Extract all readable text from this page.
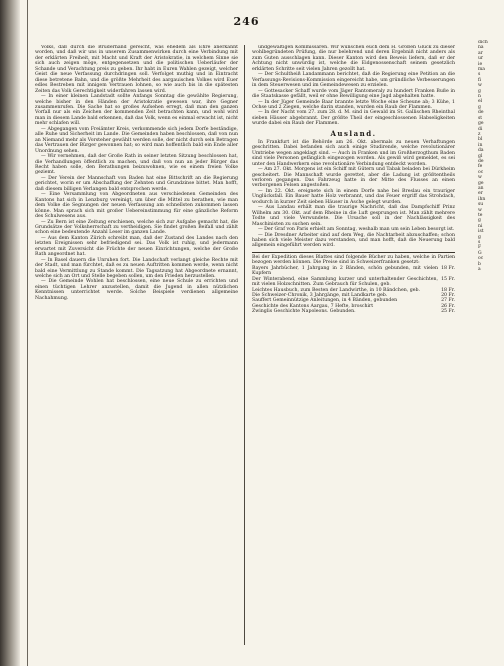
246

Volks, daß durch die Bruderhand gereicht, was ehedem als Ehre anerkannt worden, und daß wir uns in unserem Zusammenwirken durch eine Verbindung mit der erklärten Freiheit, mit Macht und Kraft der Aristokratie, in welchem Sinne sie sich auch zeigen möge, entgegensetzen und die politischen Ueberläufer der Schande und Verachtung preis zu geben. Ihr habt in Euren Wahlen gezeigt, welcher Geist die neue Verfassung durchdringen soll. Verfolget muthig und in Eintracht diese betretene Bahn, und die größte Mehrheit des aargauischen Volkes wird Euer edles Bestreben mit innigem Vertrauen lohnen, so wie auch bis in die spätesten Zeiten das Volk Gerechtigkeit widerfahren lassen wird.

— In einer kleinen Landstadt sollte Anfangs Sonntag die gewählte Regierung, welche bisher in den Händen der Aristokratie gewesen war, ihre Gegner zusammenrufen. Die Sache hat so großes Aufsehen erregt, daß man den ganzen Vorfall nur als ein Zeichen der kommenden Zeit betrachten kann, und wohl wird man in diesem Lande bald erkennen, daß das Volk, wenn es einmal erwacht ist, nicht mehr schlafen will.

— Abgegangen vom Freiämter Kreis, verkommende sich jedem Dorfe beständige, alle Ruhe und Sicherheit im Lande. Die Gemeinden haben beschlossen, daß von nun an Niemand mehr als Vorsteher gewählt werden solle, der nicht durch sein Betragen das Vertrauen der Bürger gewonnen hat; so wird man hoffentlich bald ein Ende aller Unordnung sehen.

— Wir vernehmen, daß der Große Rath in seiner letzten Sitzung beschlossen hat, die Verhandlungen öffentlich zu machen, und daß von nun an jeder Bürger das Recht haben solle, den Berathungen beizuwohnen, wie es einem freien Volke geziemt.

— Der Verein der Mannschaft von Baden hat eine Bittschrift an die Regierung gerichtet, worin er um Abschaffung der Zehnten und Grundzinse bittet. Man hofft, daß diesem billigen Verlangen bald entsprochen werde.

— Eine Versammlung von Abgeordneten aus verschiedenen Gemeinden des Kantons hat sich in Lenzburg vereinigt, um über die Mittel zu berathen, wie man dem Volke die Segnungen der neuen Verfassung am schnellsten zukommen lassen könne. Man sprach sich mit großer Uebereinstimmung für eine gänzliche Reform des Schulwesens aus.

— Zu Bern ist eine Zeitung erschienen, welche sich zur Aufgabe gemacht hat, die Grundsätze der Volksherrschaft zu vertheidigen. Sie findet großen Beifall und zählt schon eine bedeutende Anzahl Leser im ganzen Lande.

— Aus dem Kanton Zürich schreibt man, daß der Zustand des Landes nach den letzten Ereignissen sehr befriedigend sei. Das Volk ist ruhig, und jedermann erwartet mit Zuversicht die Früchte der neuen Einrichtungen, welche der Große Rath angeordnet hat.

— In Basel dauern die Unruhen fort. Die Landschaft verlangt gleiche Rechte mit der Stadt, und man fürchtet, daß es zu neuen Auftritten kommen werde, wenn nicht bald eine Vermittlung zu Stande kommt. Die Tagsatzung hat Abgeordnete ernannt, welche sich an Ort und Stelle begeben sollen, um den Frieden herzustellen.

— Die Gemeinde Wohlen hat beschlossen, eine neue Schule zu errichten und einen tüchtigen Lehrer anzustellen, damit die Jugend in allen nützlichen Kenntnissen unterrichtet werde. Solche Beispiele verdienen allgemeine Nachahmung.

undgewaltigen Kommissären. Wir wünschen euch dem H. Großen Glück zu dieser wohlbegründeten Prüfung, die nur belehrend und deren Ergebniß nicht anders als zum Guten ausschlagen kann. Dieser Kanton wird den Beweis liefern, daß er der Achtung nicht unwürdig ist, welche die Eidgenossenschaft seinem gesetzlich erklärten Schritte seit vielen Jahren gezollt hat.

— Der Schultheiß Landammann berichtet, daß die Regierung eine Petition an die Verfassungs-Revisions-Kommission eingereicht habe, um gründliche Verbesserungen in dem Steuerwesen und im Gemeindewesen zu erzielen.

— Gottesacker Schaff wurde vom Jäger Rantomeraly zu hundert Franken Buße in die Staatskasse gefällt, weil er ohne Bewilligung eine Jagd abgehalten hatte.

— In der Jüger Gemeinde Baar brannte letzte Woche eine Scheune ab; 3 Kühe, 1 Ochse und 2 Ziegen, welche darin standen, wurden ein Raub der Flammen.

— In der Nacht vom 27. zum 28. d. M. sind in Gewald im St. Gallischen Rheinthal sieben Häuser abgebrannt. Der größte Theil der eingeschlossenen Habseligkeiten wurde dabei ein Raub der Flammen.

Ausland.

In Frankfurt ist die Behörde am 26. Okt. abermals zu neuen Verhaftungen geschritten. Dabei befanden sich auch einige Studirende, welche revolutionärer Umtriebe wegen angeklagt sind. — Auch in Franken und im Großherzogthum Baden sind viele Personen gefänglich eingezogen worden. Als gewiß wird gemeldet, es sei unter den Handwerkern eine revolutionäre Verbindung entdeckt worden.

— Am 27. Okt. Morgens ist ein Schiff mit Gütern und Tabak beladen bei Dürkheim gescheitert. Die Mannschaft wurde gerettet, aber die Ladung ist größtentheils verloren gegangen. Das Fahrzeug hatte in der Mitte des Flusses an einen verborgenen Felsen angestoßen.

— Im 22. Okt. ereignete sich in einem Dorfe nahe bei Breslau ein trauriger Unglücksfall. Ein Bauer hatte Holz verbrannt, und das Feuer ergriff das Strohdach, wodurch in kurzer Zeit sieben Häuser in Asche gelegt wurden.

— Aus Landau erhält man die traurige Nachricht, daß das Dampfschiff Prinz Wilhelm am 30. Okt. auf dem Rheine in die Luft gesprungen ist. Man zählt mehrere Todte und viele Verwundete. Die Ursache soll in der Nachlässigkeit des Maschinisten zu suchen sein.

— Der Graf von Paris erhielt am Sonntag, weshalb man um sein Leben besorgt ist.

— Die Dresdner Arbeiter sind auf dem Weg, die Nachtarbeit abzuschaffen; schon haben sich viele Meister dazu verstanden, und man hofft, daß die Neuerung bald allgemein eingeführt werden wird.

Bei der Expedition dieses Blattes sind folgende Bücher zu haben, welche in Partien bezogen werden können. Die Preise sind in Schweizerfranken gesetzt:

Bayers Jahrbücher, 1 Jahrgang in 2 Bänden, schön gebunden, mit vielen Kupfern
18 Fr.
Der Winterabend, eine Sammlung kurzer und unterhaltender Geschichten, mit vielen Holzschnitten. Zum Gebrauch für Schulen, geb.
15 Fr.
Leichtes Hausbuch, zum Besten der Landwirthe, in 10 Bändchen, geb.	18 Fr.
Die Schweizer-Chronik, 3 Jahrgänge, mit Landkarte geb.	20 Fr.
Sauffert Gemeinnützige Anleitungen, in 4 Bänden, gebunden	27 Fr.
Geschichte des Kantons Aargau, 7 Hefte, broschirt	26 Fr.
Zwinglis Geschichte Napoleons. Gebunden.	25 Fr.
dich
na
ar
ur
ie
ma
s
fi
w
g
n
el
g
de
st
ge
di
z
bl
in
da
gl
de
fe
oc
w
ge
an
er
ihn
su
w
te
g
ni
ist
g
s
F
G
oc
b
a
